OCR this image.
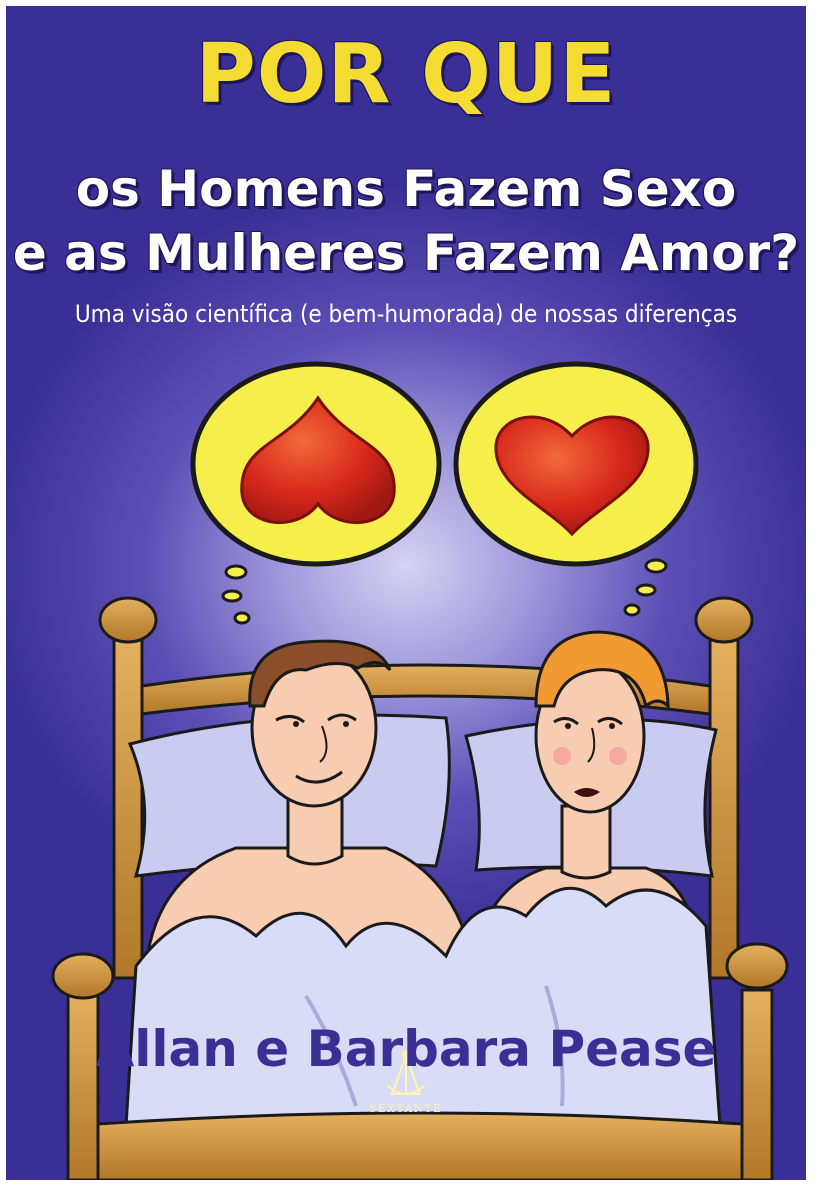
POR QUE
os Homens Fazem Sexo
e as Mulheres Fazem Amor?
Uma visão científica (e bem-humorada) de nossas diferenças
Allan e Barbara Pease
SEXTANTE
